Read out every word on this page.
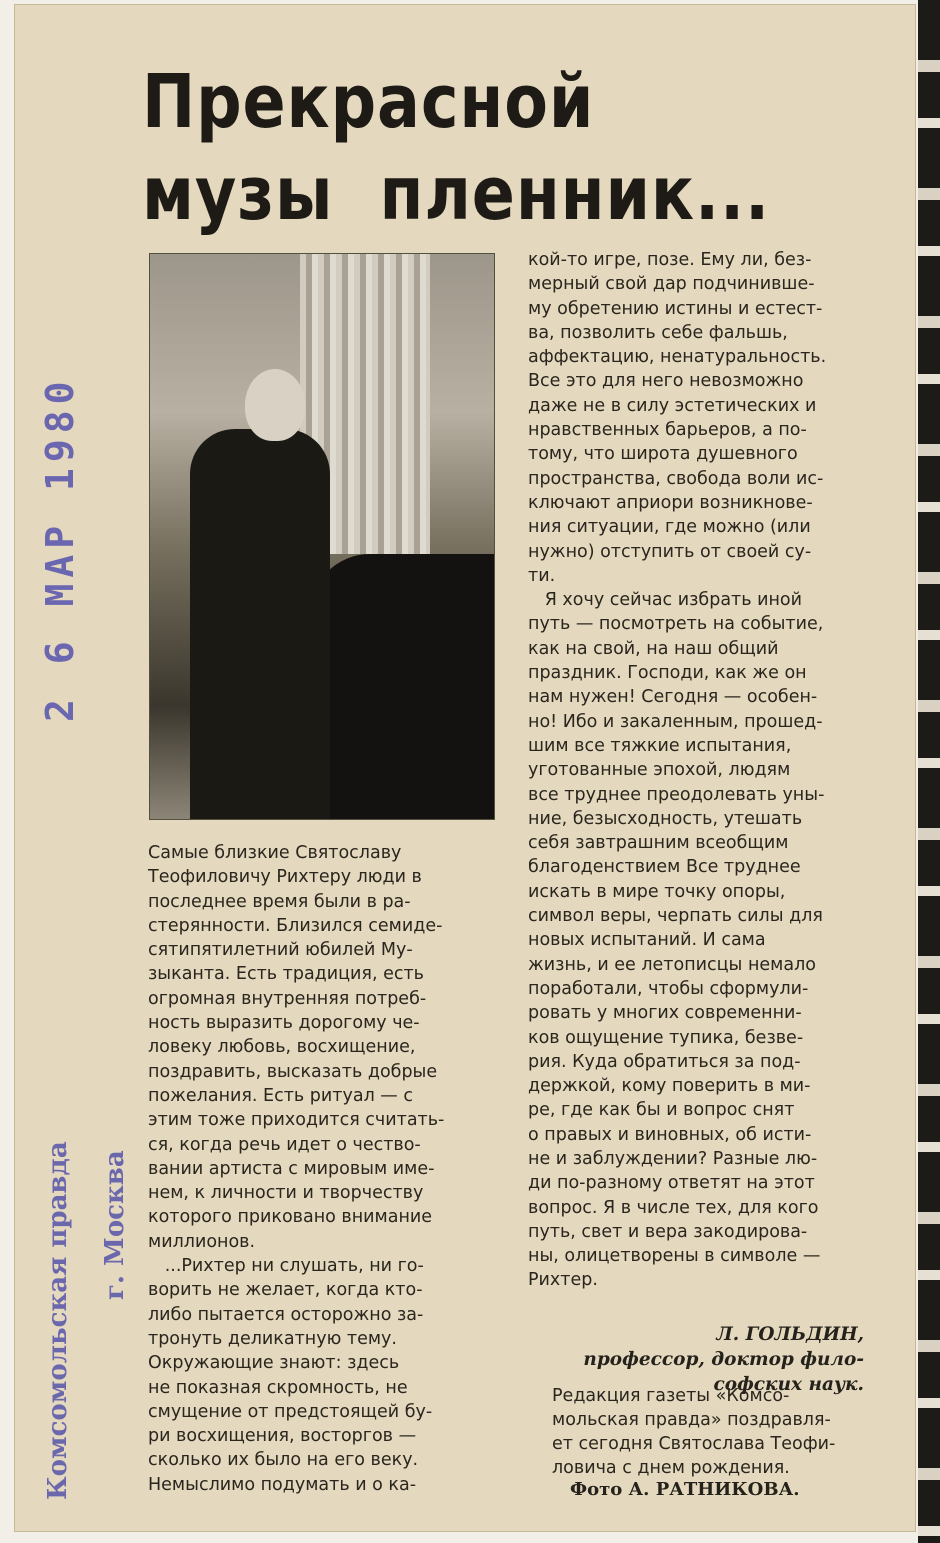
Прекрасной
музы  пленник...

Самые близкие Святославу
Теофиловичу Рихтеру люди в
последнее время были в ра-
стерянности. Близился семиде-
сятипятилетний юбилей Му-
зыканта. Есть традиция, есть
огромная внутренняя потреб-
ность выразить дорогому че-
ловеку любовь, восхищение,
поздравить, высказать добрые
пожелания. Есть ритуал — с
этим тоже приходится считать-
ся, когда речь идет о чество-
вании артиста с мировым име-
нем, к личности и творчеству
которого приковано внимание
миллионов.
...Рихтер ни слушать, ни го-
ворить не желает, когда кто-
либо пытается осторожно за-
тронуть деликатную тему.
Окружающие знают: здесь
не показная скромность, не
смущение от предстоящей бу-
ри восхищения, восторгов —
сколько их было на его веку.
Немыслимо подумать и о ка-

кой-то игре, позе. Ему ли, без-
мерный свой дар подчинивше-
му обретению истины и естест-
ва, позволить себе фальшь,
аффектацию, ненатуральность.
Все это для него невозможно
даже не в силу эстетических и
нравственных барьеров, а по-
тому, что широта душевного
пространства, свобода воли ис-
ключают априори возникнове-
ния ситуации, где можно (или
нужно) отступить от своей су-
ти.
Я хочу сейчас избрать иной
путь — посмотреть на событие,
как на свой, на наш общий
праздник. Господи, как же он
нам нужен! Сегодня — особен-
но! Ибо и закаленным, прошед-
шим все тяжкие испытания,
уготованные эпохой, людям
все труднее преодолевать уны-
ние, безысходность, утешать
себя завтрашним всеобщим
благоденствием Все труднее
искать в мире точку опоры,
символ веры, черпать силы для
новых испытаний. И сама
жизнь, и ее летописцы немало
поработали, чтобы сформули-
ровать у многих современни-
ков ощущение тупика, безве-
рия. Куда обратиться за под-
держкой, кому поверить в ми-
ре, где как бы и вопрос снят
о правых и виновных, об исти-
не и заблуждении? Разные лю-
ди по-разному ответят на этот
вопрос. Я в числе тех, для кого
путь, свет и вера закодирова-
ны, олицетворены в символе —
Рихтер.

Л. ГОЛЬДИН,
профессор, доктор фило-
софских наук.
Редакция газеты «Комсо-
мольская правда» поздравля-
ет сегодня Святослава Теофи-
ловича с днем рождения.
Фото А. РАТНИКОВА.
2 6 МАР 1980
Комсомольская правда г. Москва
